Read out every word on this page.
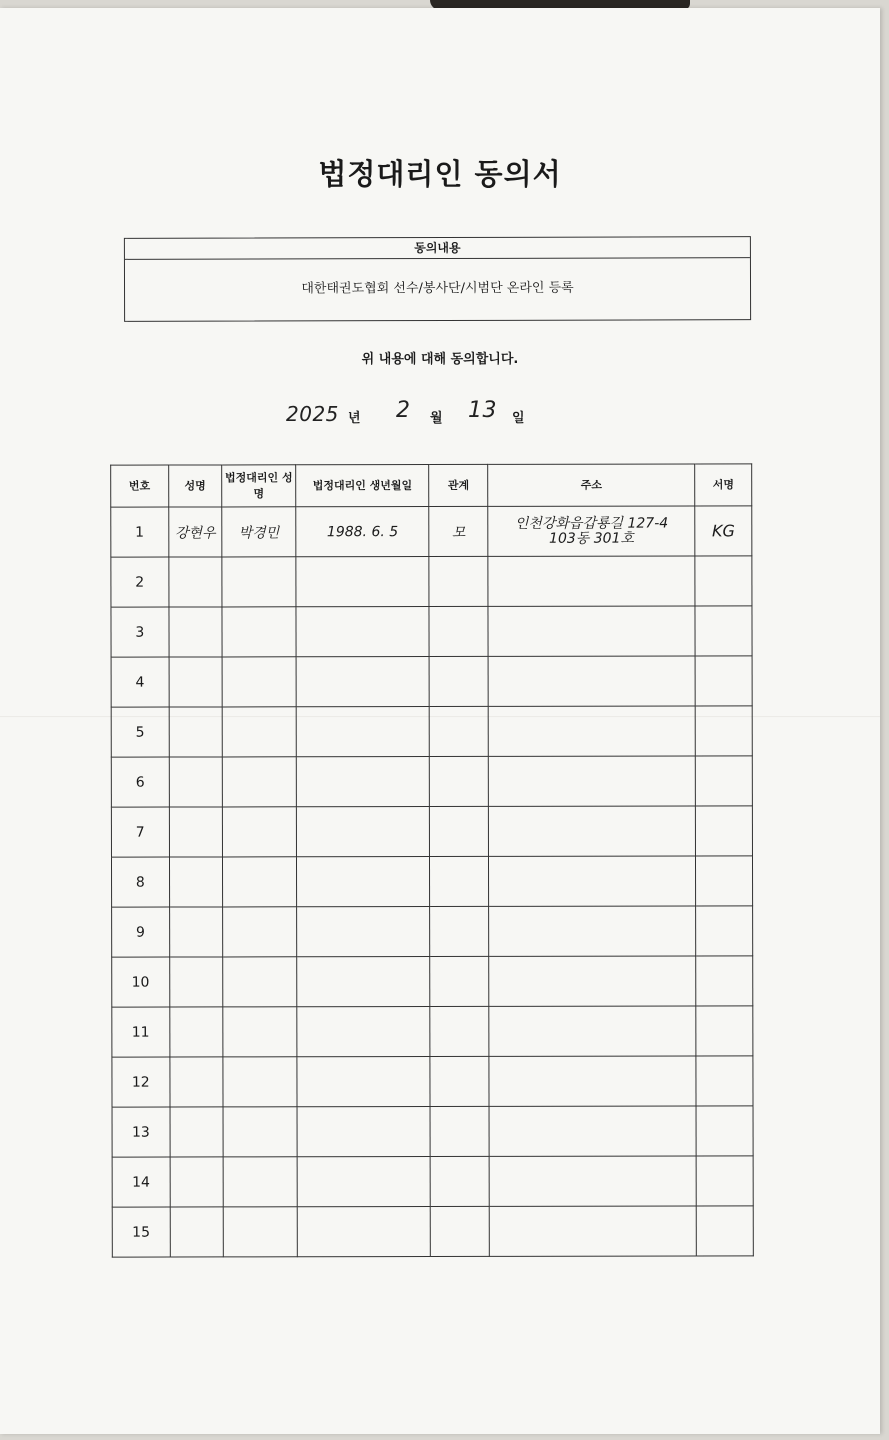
법정대리인 동의서
동의내용
대한태권도협회 선수/봉사단/시범단 온라인 등록
위 내용에 대해 동의합니다.
2025 년 2 월 13 일
번호	성명	법정대리인 성명	법정대리인 생년월일	관계	주소	서명
1	강현우	박경민	1988. 6. 5	모	인천강화읍갑룡길 127-4
103동 301호	KG
2						
3						
4						
5						
6						
7						
8						
9						
10						
11						
12						
13						
14						
15						
